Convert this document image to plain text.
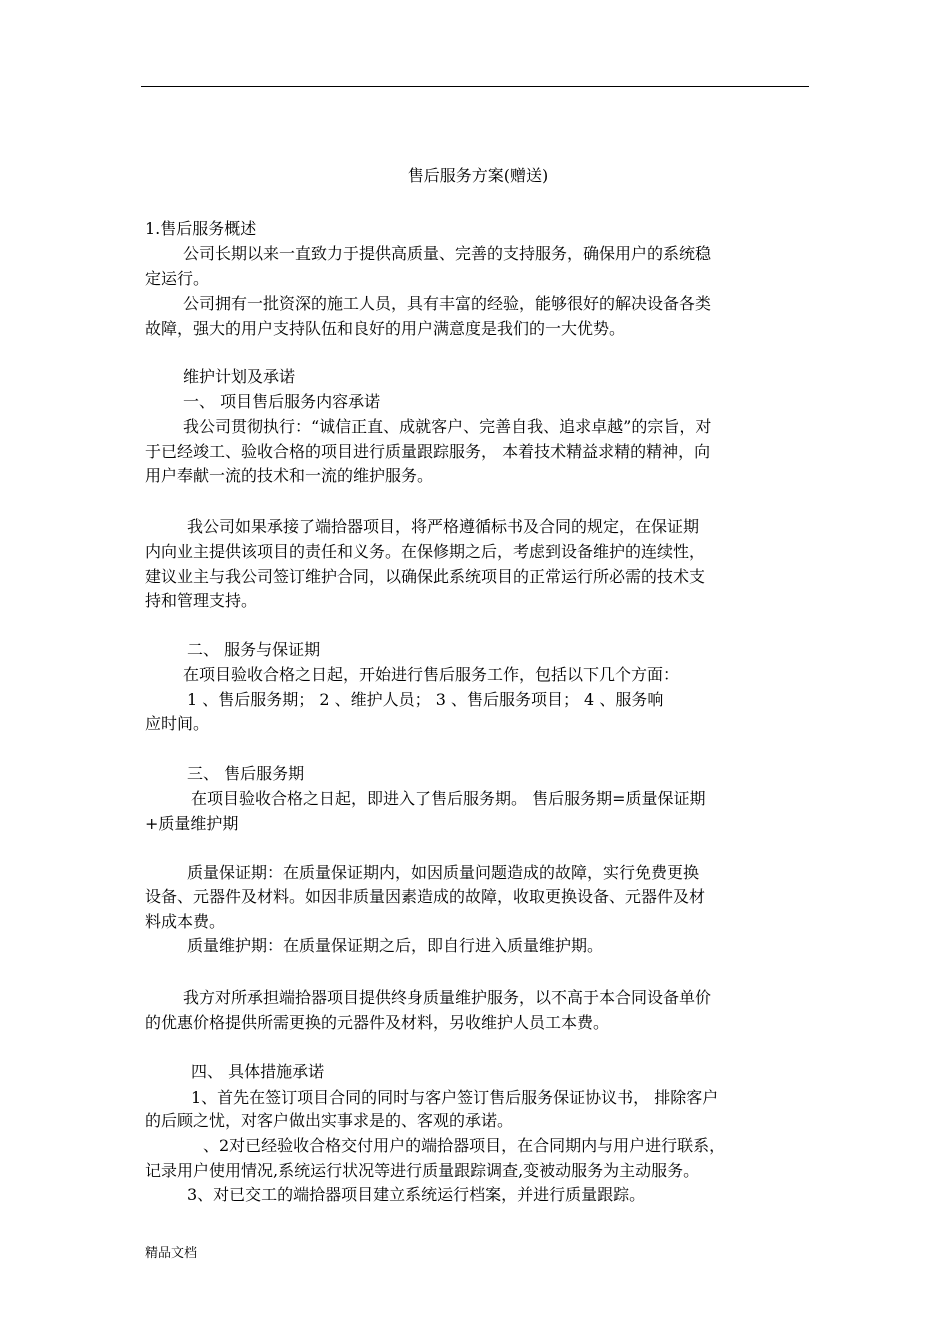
售后服务方案(赠送)
1.售后服务概述
公司长期以来一直致力于提供高质量、完善的支持服务，确保用户的系统稳
定运行。
公司拥有一批资深的施工人员，具有丰富的经验，能够很好的解决设备各类
故障，强大的用户支持队伍和良好的用户满意度是我们的一大优势。
维护计划及承诺
一、 项目售后服务内容承诺
我公司贯彻执行：“诚信正直、成就客户、完善自我、追求卓越”的宗旨，对
于已经竣工、验收合格的项目进行质量跟踪服务， 本着技术精益求精的精神，向
用户奉献一流的技术和一流的维护服务。
我公司如果承接了端拾器项目，将严格遵循标书及合同的规定，在保证期
内向业主提供该项目的责任和义务。在保修期之后，考虑到设备维护的连续性，
建议业主与我公司签订维护合同，以确保此系统项目的正常运行所必需的技术支
持和管理支持。
二、 服务与保证期
在项目验收合格之日起，开始进行售后服务工作，包括以下几个方面：
1 、售后服务期； 2 、维护人员； 3 、售后服务项目； 4 、服务响
应时间。
三、 售后服务期
在项目验收合格之日起，即进入了售后服务期。 售后服务期=质量保证期
+质量维护期
质量保证期：在质量保证期内，如因质量问题造成的故障，实行免费更换
设备、元器件及材料。如因非质量因素造成的故障，收取更换设备、元器件及材
料成本费。
质量维护期：在质量保证期之后，即自行进入质量维护期。
我方对所承担端拾器项目提供终身质量维护服务，以不高于本合同设备单价
的优惠价格提供所需更换的元器件及材料，另收维护人员工本费。
四、 具体措施承诺
1、首先在签订项目合同的同时与客户签订售后服务保证协议书， 排除客户
的后顾之忧，对客户做出实事求是的、客观的承诺。
、2对已经验收合格交付用户的端拾器项目，在合同期内与用户进行联系，
记录用户使用情况,系统运行状况等进行质量跟踪调查,变被动服务为主动服务。
3、对已交工的端拾器项目建立系统运行档案，并进行质量跟踪。
精品文档
